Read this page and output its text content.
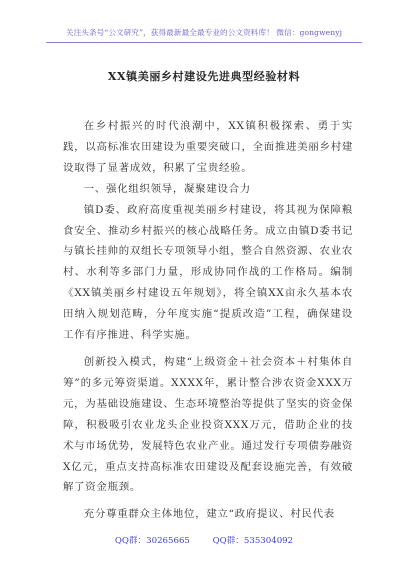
关注头条号“公文研究”，获得最新最全最专业的公文资料库！ 微信：gongwenyj
XX镇美丽乡村建设先进典型经验材料

在乡村振兴的时代浪潮中，XX镇积极探索、勇于实践，以高标准农田建设为重要突破口，全面推进美丽乡村建设取得了显著成效，积累了宝贵经验。

一、强化组织领导，凝聚建设合力

镇D委、政府高度重视美丽乡村建设，将其视为保障粮食安全、推动乡村振兴的核心战略任务。成立由镇D委书记与镇长挂帅的双组长专项领导小组，整合自然资源、农业农村、水利等多部门力量，形成协同作战的工作格局。编制《XX镇美丽乡村建设五年规划》，将全镇XX亩永久基本农田纳入规划范畴，分年度实施“提质改造”工程，确保建设工作有序推进、科学实施。

创新投入模式，构建“上级资金＋社会资本＋村集体自筹”的多元筹资渠道。XXXX年，累计整合涉农资金XXX万元，为基础设施建设、生态环境整治等提供了坚实的资金保障，积极吸引农业龙头企业投资XXX万元，借助企业的技术与市场优势，发展特色农业产业。通过发行专项债券融资X亿元，重点支持高标准农田建设及配套设施完善，有效破解了资金瓶颈。

充分尊重群众主体地位，建立“政府提议、村民代表

QQ群：30265665	QQ群：535304092
